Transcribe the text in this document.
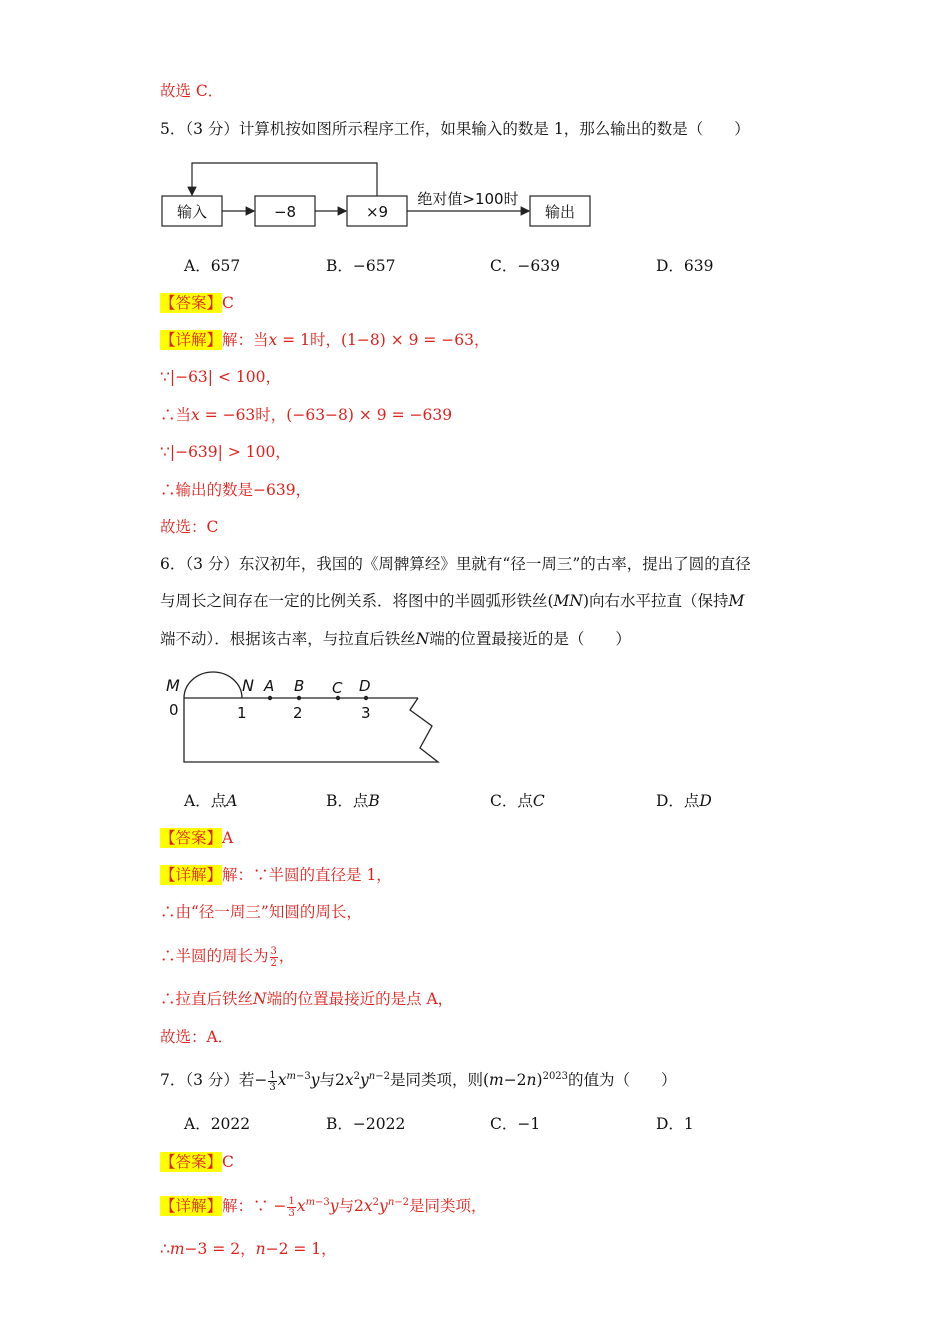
故选 C．
5．（3 分）计算机按如图所示程序工作，如果输入的数是 1，那么输出的数是（　　）
输入	−8	×9
绝对值>100时
输出
A．657	B．−657	C．−639	D．639
【答案】C
【详解】解：当𝑥 = 1时，(1−8) × 9 = −63，
∵|−63| < 100，
∴当𝑥 = −63时，(−63−8) × 9 = −639
∵|−639| > 100，
∴输出的数是−639，
故选：C
6．（3 分）东汉初年，我国的《周髀算经》里就有“径一周三”的古率，提出了圆的直径
与周长之间存在一定的比例关系．将图中的半圆弧形铁丝(𝑀𝑁)向右水平拉直（保持𝑀
端不动）．根据该古率，与拉直后铁丝𝑁端的位置最接近的是（　　）
M	N A B C D
0	1	2	3
A．点𝐴	B．点𝐵	C．点𝐶	D．点𝐷
【答案】A
【详解】解：∵半圆的直径是 1，
∴由“径一周三”知圆的周长，
∴半圆的周长为 $\frac{3}{2}$ ，
∴拉直后铁丝𝑁端的位置最接近的是点 A，
故选：A．
7．（3 分）若− $\frac{1}{3}$ 𝑥$^{𝑚-3}$𝑦与2𝑥$^2$𝑦$^{𝑛-2}$是同类项，则(𝑚−2𝑛)$^{2023}$的值为（　　）
A．2022	B．−2022	C．−1	D．1
【答案】C
【详解】解：∵ − $\frac{1}{3}$ 𝑥$^{𝑚-3}$𝑦与2𝑥$^2$𝑦$^{𝑛-2}$是同类项，
∴𝑚−3 = 2，𝑛−2 = 1，
